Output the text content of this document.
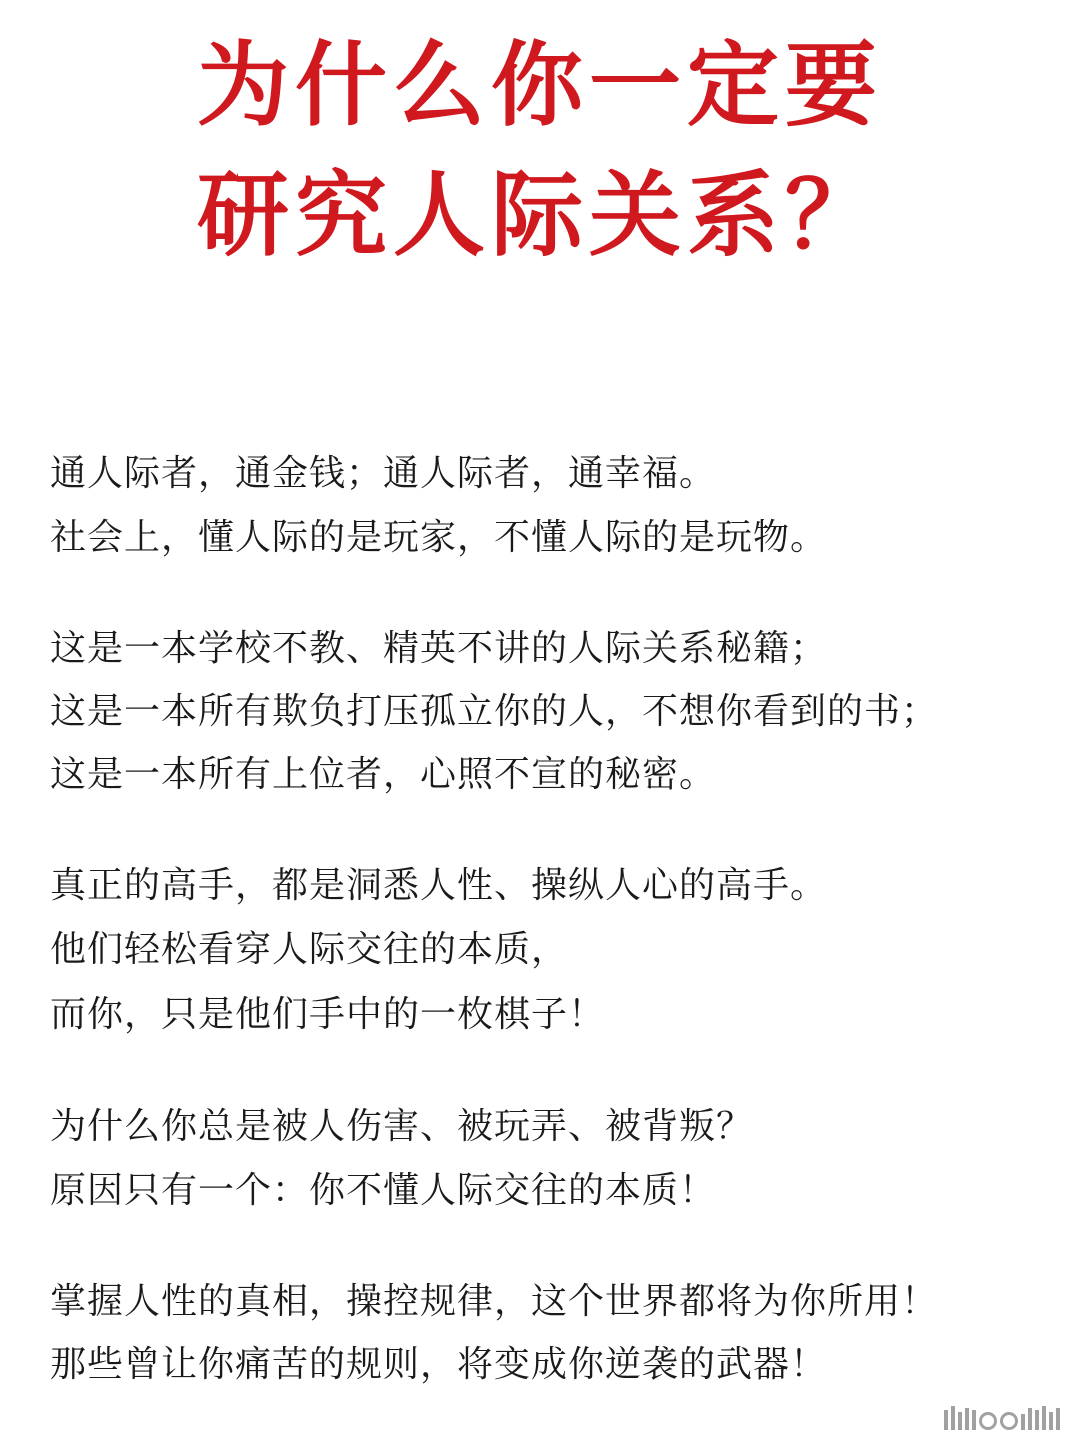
为什么你一定要
研究人际关系？
通人际者，通金钱；通人际者，通幸福。
社会上，懂人际的是玩家，不懂人际的是玩物。
这是一本学校不教、精英不讲的人际关系秘籍；
这是一本所有欺负打压孤立你的人，不想你看到的书；
这是一本所有上位者，心照不宣的秘密。
真正的高手，都是洞悉人性、操纵人心的高手。
他们轻松看穿人际交往的本质，
而你，只是他们手中的一枚棋子！
为什么你总是被人伤害、被玩弄、被背叛？
原因只有一个：你不懂人际交往的本质！
掌握人性的真相，操控规律，这个世界都将为你所用！
那些曾让你痛苦的规则，将变成你逆袭的武器！
